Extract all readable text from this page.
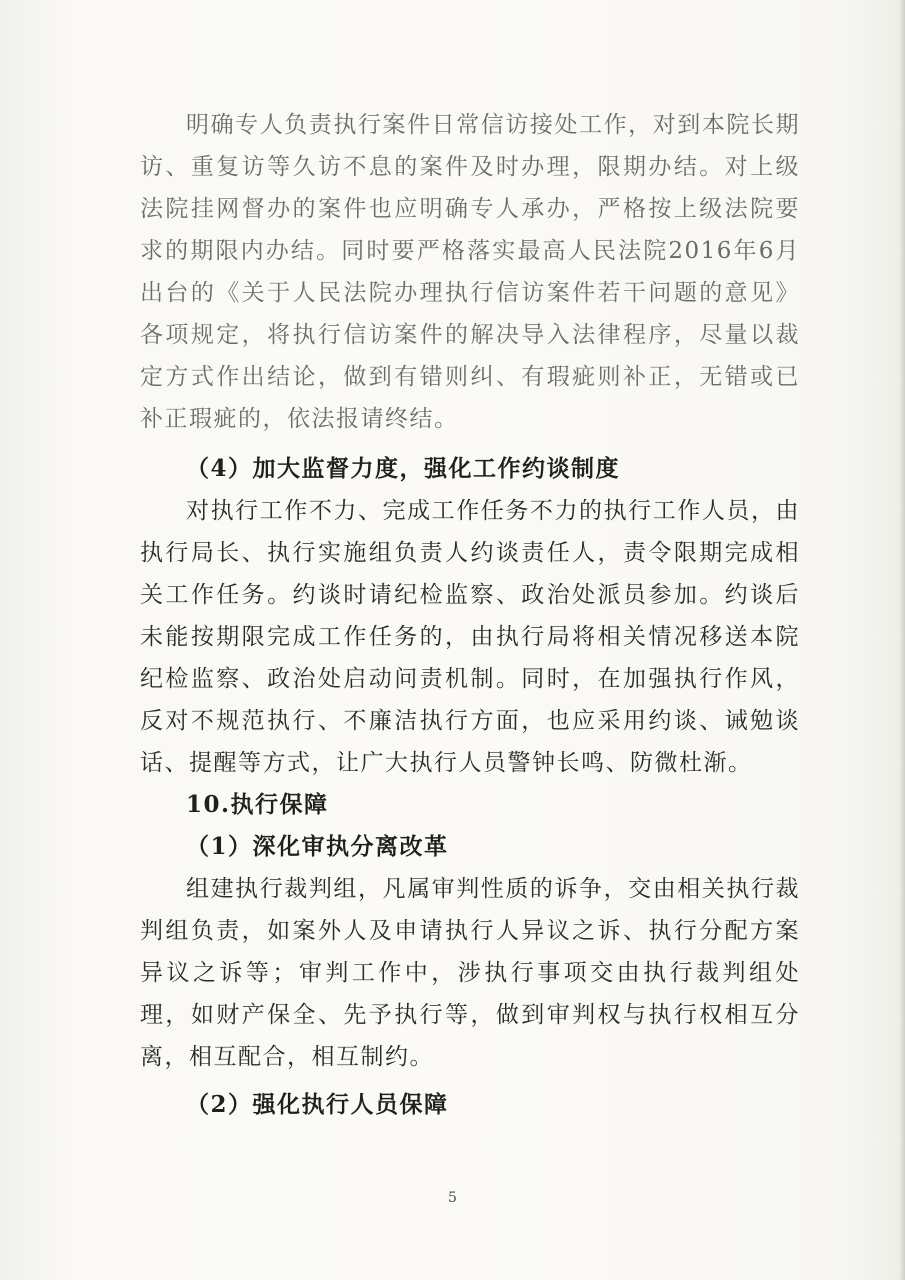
明确专人负责执行案件日常信访接处工作，对到本院长期访、重复访等久访不息的案件及时办理，限期办结。对上级法院挂网督办的案件也应明确专人承办，严格按上级法院要求的期限内办结。同时要严格落实最高人民法院2016年6月出台的《关于人民法院办理执行信访案件若干问题的意见》各项规定，将执行信访案件的解决导入法律程序，尽量以裁定方式作出结论，做到有错则纠、有瑕疵则补正，无错或已补正瑕疵的，依法报请终结。

（4）加大监督力度，强化工作约谈制度

对执行工作不力、完成工作任务不力的执行工作人员，由执行局长、执行实施组负责人约谈责任人，责令限期完成相关工作任务。约谈时请纪检监察、政治处派员参加。约谈后未能按期限完成工作任务的，由执行局将相关情况移送本院纪检监察、政治处启动问责机制。同时，在加强执行作风，反对不规范执行、不廉洁执行方面，也应采用约谈、诫勉谈话、提醒等方式，让广大执行人员警钟长鸣、防微杜渐。

10.执行保障

（1）深化审执分离改革

组建执行裁判组，凡属审判性质的诉争，交由相关执行裁判组负责，如案外人及申请执行人异议之诉、执行分配方案异议之诉等；审判工作中，涉执行事项交由执行裁判组处理，如财产保全、先予执行等，做到审判权与执行权相互分离，相互配合，相互制约。

（2）强化执行人员保障

5
